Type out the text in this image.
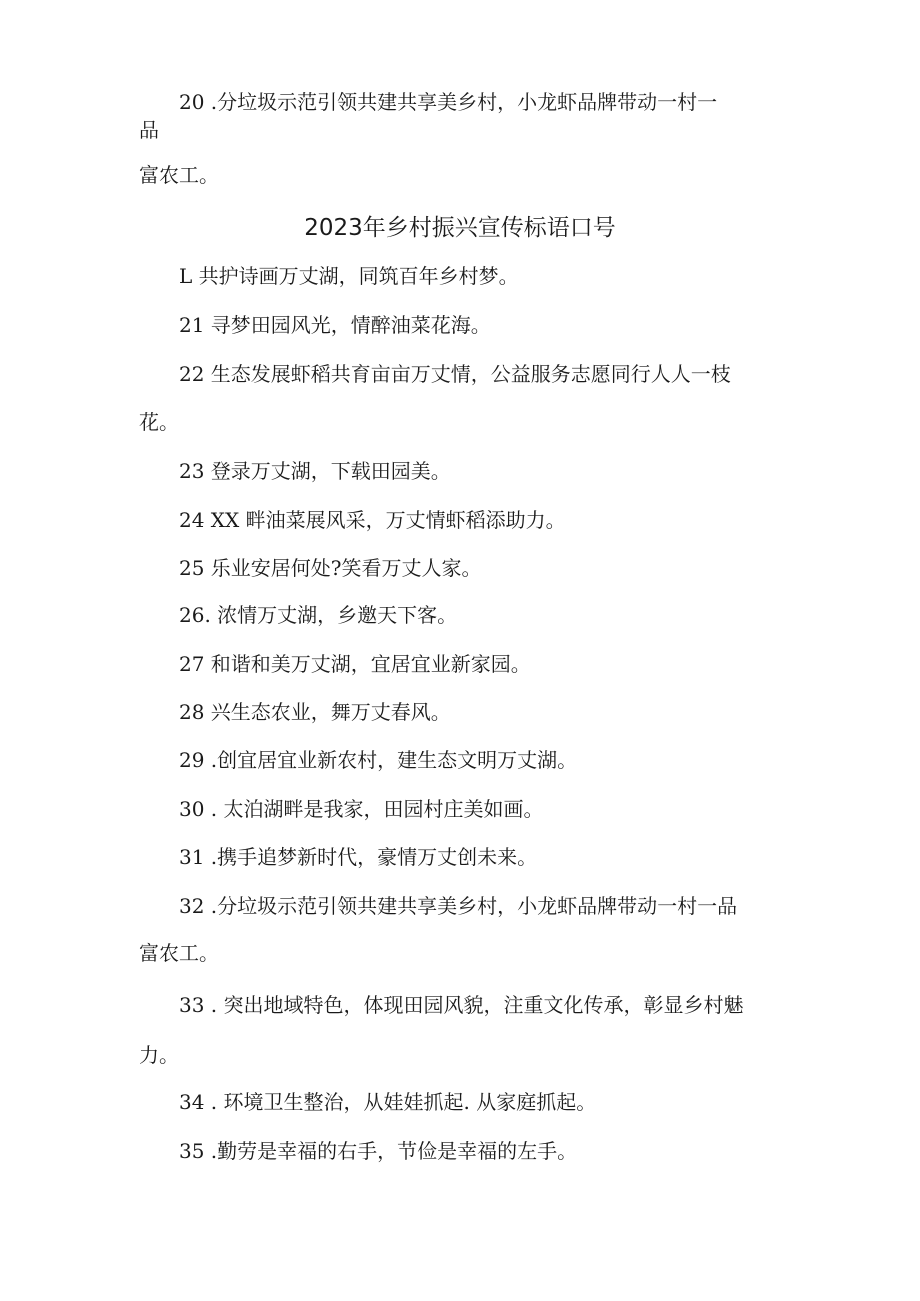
20 .分垃圾示范引领共建共享美乡村，小龙虾品牌带动一村一
品
富农工。
2023年乡村振兴宣传标语口号
L 共护诗画万丈湖，同筑百年乡村梦。
21 寻梦田园风光，情醉油菜花海。
22 生态发展虾稻共育亩亩万丈情，公益服务志愿同行人人一枝
花。
23 登录万丈湖，下载田园美。
24 XX 畔油菜展风采，万丈情虾稻添助力。
25 乐业安居何处?笑看万丈人家。
26. 浓情万丈湖，乡邀天下客。
27 和谐和美万丈湖，宜居宜业新家园。
28 兴生态农业，舞万丈春风。
29 .创宜居宜业新农村，建生态文明万丈湖。
30 . 太泊湖畔是我家，田园村庄美如画。
31 .携手追梦新时代，豪情万丈创未来。
32 .分垃圾示范引领共建共享美乡村，小龙虾品牌带动一村一品
富农工。
33 . 突出地域特色，体现田园风貌，注重文化传承，彰显乡村魅
力。
34 . 环境卫生整治，从娃娃抓起. 从家庭抓起。
35 .勤劳是幸福的右手，节俭是幸福的左手。
